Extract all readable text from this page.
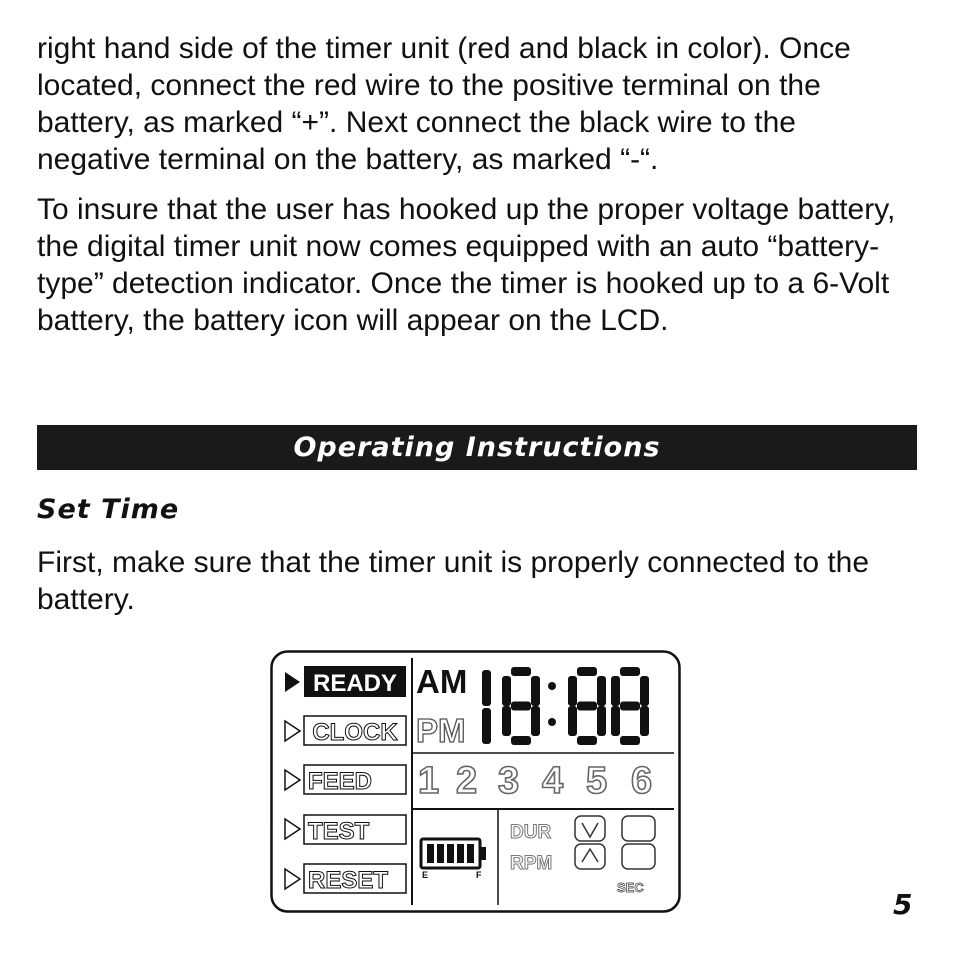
right hand side of the timer unit (red and black in color). Once located, connect the red wire to the positive terminal on the battery, as marked “+”. Next connect the black wire to the negative terminal on the battery, as marked “-“.

To insure that the user has hooked up the proper voltage battery, the digital timer unit now comes equipped with an auto “battery-type” detection indicator. Once the timer is hooked up to a 6-Volt battery, the battery icon will appear on the LCD.

Operating Instructions

Set Time

First, make sure that the timer unit is properly connected to the battery.

READY
CLOCK
FEED
TEST
RESET
AM
PM
1 2 3 4 5 6
E	F
DUR
RPM
SEC

5
